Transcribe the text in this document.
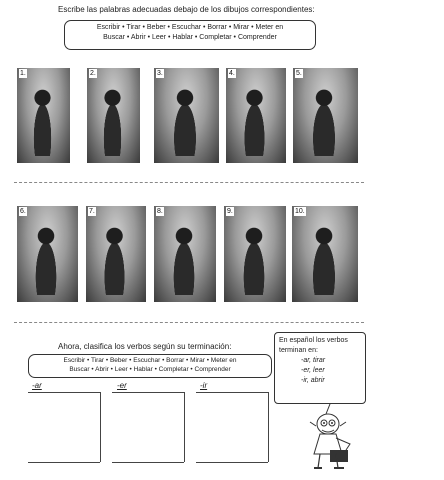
Escribe las palabras adecuadas debajo de los dibujos correspondientes:
Escribir • Tirar • Beber • Escuchar • Borrar • Mirar • Meter en
Buscar • Abrir • Leer • Hablar • Completar • Comprender
1.	2.	3.	4.	5.
6.	7.	8.	9.	10.
Ahora, clasifica los verbos según su terminación:
Escribir • Tirar • Beber • Escuchar • Borrar • Mirar • Meter en
Buscar • Abrir • Leer • Hablar • Completar • Comprender
-ar	-er	-ir
En español los verbos
terminan en:
-ar, tirar
-er, leer
-ir, abrir
